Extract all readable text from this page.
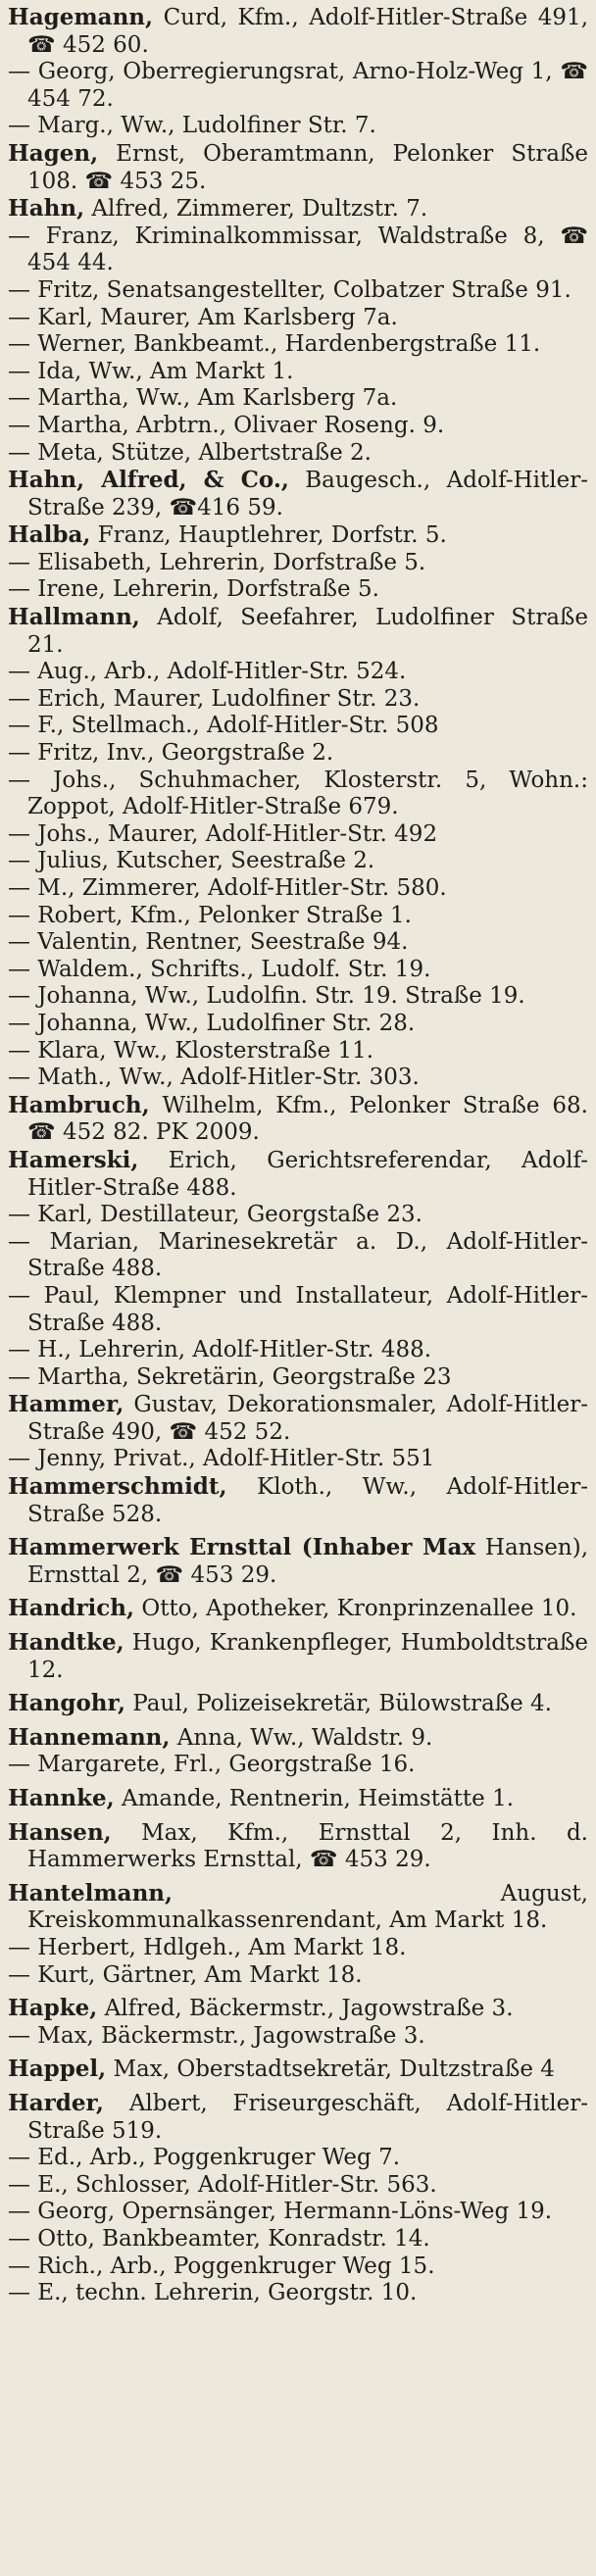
Hagemann, Curd, Kfm., Adolf-Hitler-Straße 491, ☎ 452 60.

— Georg, Oberregierungsrat, Arno-Holz-Weg 1, ☎ 454 72.

— Marg., Ww., Ludolfiner Str. 7.

Hagen, Ernst, Oberamtmann, Pelonker Straße 108. ☎ 453 25.

Hahn, Alfred, Zimmerer, Dultzstr. 7.

— Franz, Kriminalkommissar, Waldstraße 8, ☎ 454 44.

— Fritz, Senatsangestellter, Colbatzer Straße 91.

— Karl, Maurer, Am Karlsberg 7a.

— Werner, Bankbeamt., Hardenbergstraße 11.

— Ida, Ww., Am Markt 1.

— Martha, Ww., Am Karlsberg 7a.

— Martha, Arbtrn., Olivaer Roseng. 9.

— Meta, Stütze, Albertstraße 2.

Hahn, Alfred, & Co., Baugesch., Adolf-Hitler-Straße 239, ☎416 59.

Halba, Franz, Hauptlehrer, Dorfstr. 5.

— Elisabeth, Lehrerin, Dorfstraße 5.

— Irene, Lehrerin, Dorfstraße 5.

Hallmann, Adolf, Seefahrer, Ludolfiner Straße 21.

— Aug., Arb., Adolf-Hitler-Str. 524.

— Erich, Maurer, Ludolfiner Str. 23.

— F., Stellmach., Adolf-Hitler-Str. 508

— Fritz, Inv., Georgstraße 2.

— Johs., Schuhmacher, Klosterstr. 5, Wohn.: Zoppot, Adolf-Hitler-Straße 679.

— Johs., Maurer, Adolf-Hitler-Str. 492

— Julius, Kutscher, Seestraße 2.

— M., Zimmerer, Adolf-Hitler-Str. 580.

— Robert, Kfm., Pelonker Straße 1.

— Valentin, Rentner, Seestraße 94.

— Waldem., Schrifts., Ludolf. Str. 19.

— Johanna, Ww., Ludolfin. Str. 19. Straße 19.

— Johanna, Ww., Ludolfiner Str. 28.

— Klara, Ww., Klosterstraße 11.

— Math., Ww., Adolf-Hitler-Str. 303.

Hambruch, Wilhelm, Kfm., Pelonker Straße 68. ☎ 452 82. PK 2009.

Hamerski, Erich, Gerichtsreferendar, Adolf-Hitler-Straße 488.

— Karl, Destillateur, Georgstaße 23.

— Marian, Marinesekretär a. D., Adolf-Hitler-Straße 488.

— Paul, Klempner und Installateur, Adolf-Hitler-Straße 488.

— H., Lehrerin, Adolf-Hitler-Str. 488.

— Martha, Sekretärin, Georgstraße 23

Hammer, Gustav, Dekorationsmaler, Adolf-Hitler-Straße 490, ☎ 452 52.

— Jenny, Privat., Adolf-Hitler-Str. 551

Hammerschmidt, Kloth., Ww., Adolf-Hitler-Straße 528.

Hammerwerk Ernsttal (Inhaber Max Hansen), Ernsttal 2, ☎ 453 29.

Handrich, Otto, Apotheker, Kronprinzenallee 10.

Handtke, Hugo, Krankenpfleger, Humboldtstraße 12.

Hangohr, Paul, Polizeisekretär, Bülowstraße 4.

Hannemann, Anna, Ww., Waldstr. 9.

— Margarete, Frl., Georgstraße 16.

Hannke, Amande, Rentnerin, Heimstätte 1.

Hansen, Max, Kfm., Ernsttal 2, Inh. d. Hammerwerks Ernsttal, ☎ 453 29.

Hantelmann, August, Kreiskommunalkassenrendant, Am Markt 18.

— Herbert, Hdlgeh., Am Markt 18.

— Kurt, Gärtner, Am Markt 18.

Hapke, Alfred, Bäckermstr., Jagowstraße 3.

— Max, Bäckermstr., Jagowstraße 3.

Happel, Max, Oberstadtsekretär, Dultzstraße 4

Harder, Albert, Friseurgeschäft, Adolf-Hitler-Straße 519.

— Ed., Arb., Poggenkruger Weg 7.

— E., Schlosser, Adolf-Hitler-Str. 563.

— Georg, Opernsänger, Hermann-Löns-Weg 19.

— Otto, Bankbeamter, Konradstr. 14.

— Rich., Arb., Poggenkruger Weg 15.

— E., techn. Lehrerin, Georgstr. 10.
